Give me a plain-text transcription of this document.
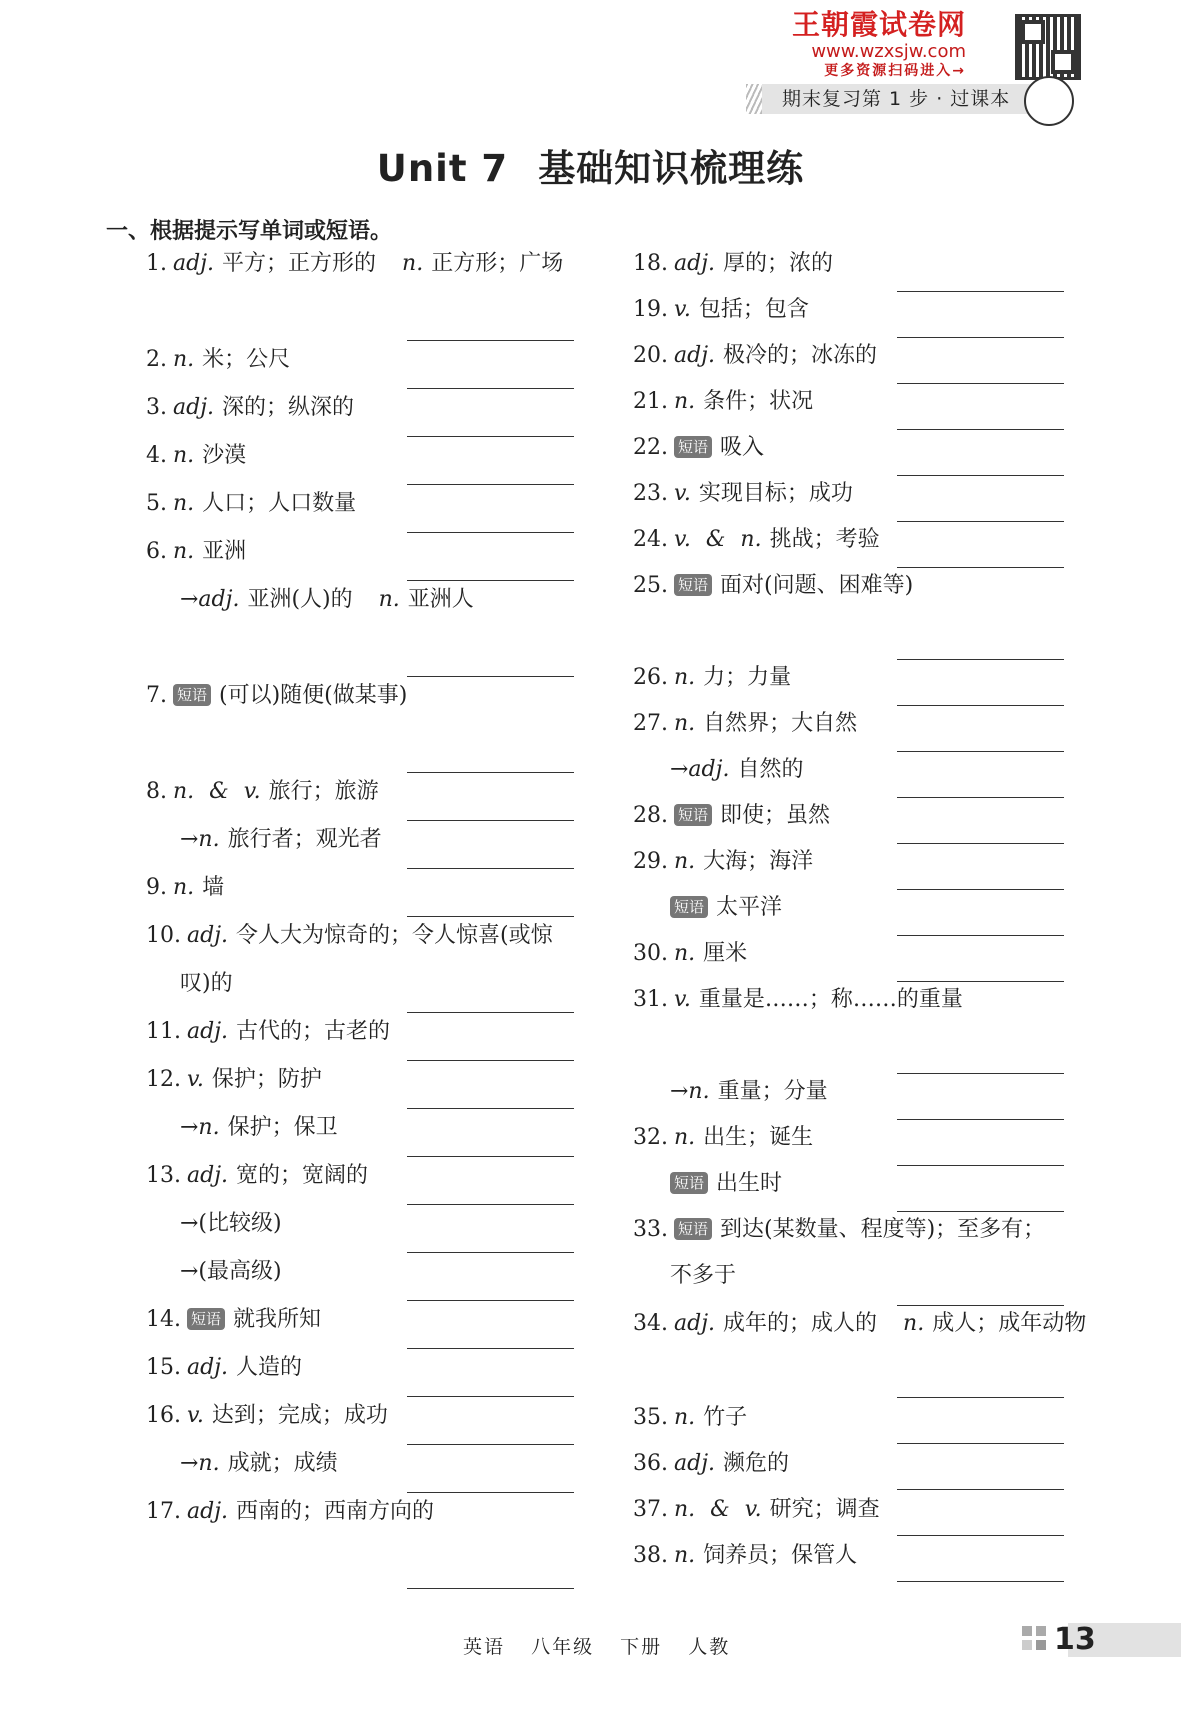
王朝霞试卷网
www.wzxsjw.com
更多资源扫码进入→
期末复习第 1 步 · 过课本
Unit 7 基础知识梳理练
一、根据提示写单词或短语。
1. adj. 平方；正方形的　 n. 正方形；广场
2. n. 米；公尺
3. adj. 深的；纵深的
4. n. 沙漠
5. n. 人口；人口数量
6. n. 亚洲
→adj. 亚洲(人)的　 n. 亚洲人
7. 短语 (可以)随便(做某事)
8. n. & v. 旅行；旅游
→n. 旅行者；观光者
9. n. 墙
10. adj. 令人大为惊奇的；令人惊喜(或惊
叹)的
11. adj. 古代的；古老的
12. v. 保护；防护
→n. 保护；保卫
13. adj. 宽的；宽阔的
→(比较级)
→(最高级)
14. 短语 就我所知
15. adj. 人造的
16. v. 达到；完成；成功
→n. 成就；成绩
17. adj. 西南的；西南方向的
18. adj. 厚的；浓的
19. v. 包括；包含
20. adj. 极冷的；冰冻的
21. n. 条件；状况
22. 短语 吸入
23. v. 实现目标；成功
24. v. & n. 挑战；考验
25. 短语 面对(问题、困难等)
26. n. 力；力量
27. n. 自然界；大自然
→adj. 自然的
28. 短语 即使；虽然
29. n. 大海；海洋
短语 太平洋
30. n. 厘米
31. v. 重量是……；称……的重量
→n. 重量；分量
32. n. 出生；诞生
短语 出生时
33. 短语 到达(某数量、程度等)；至多有；
不多于
34. adj. 成年的；成人的　 n. 成人；成年动物
35. n. 竹子
36. adj. 濒危的
37. n. & v. 研究；调查
38. n. 饲养员；保管人
英语 八年级 下册 人教	13
